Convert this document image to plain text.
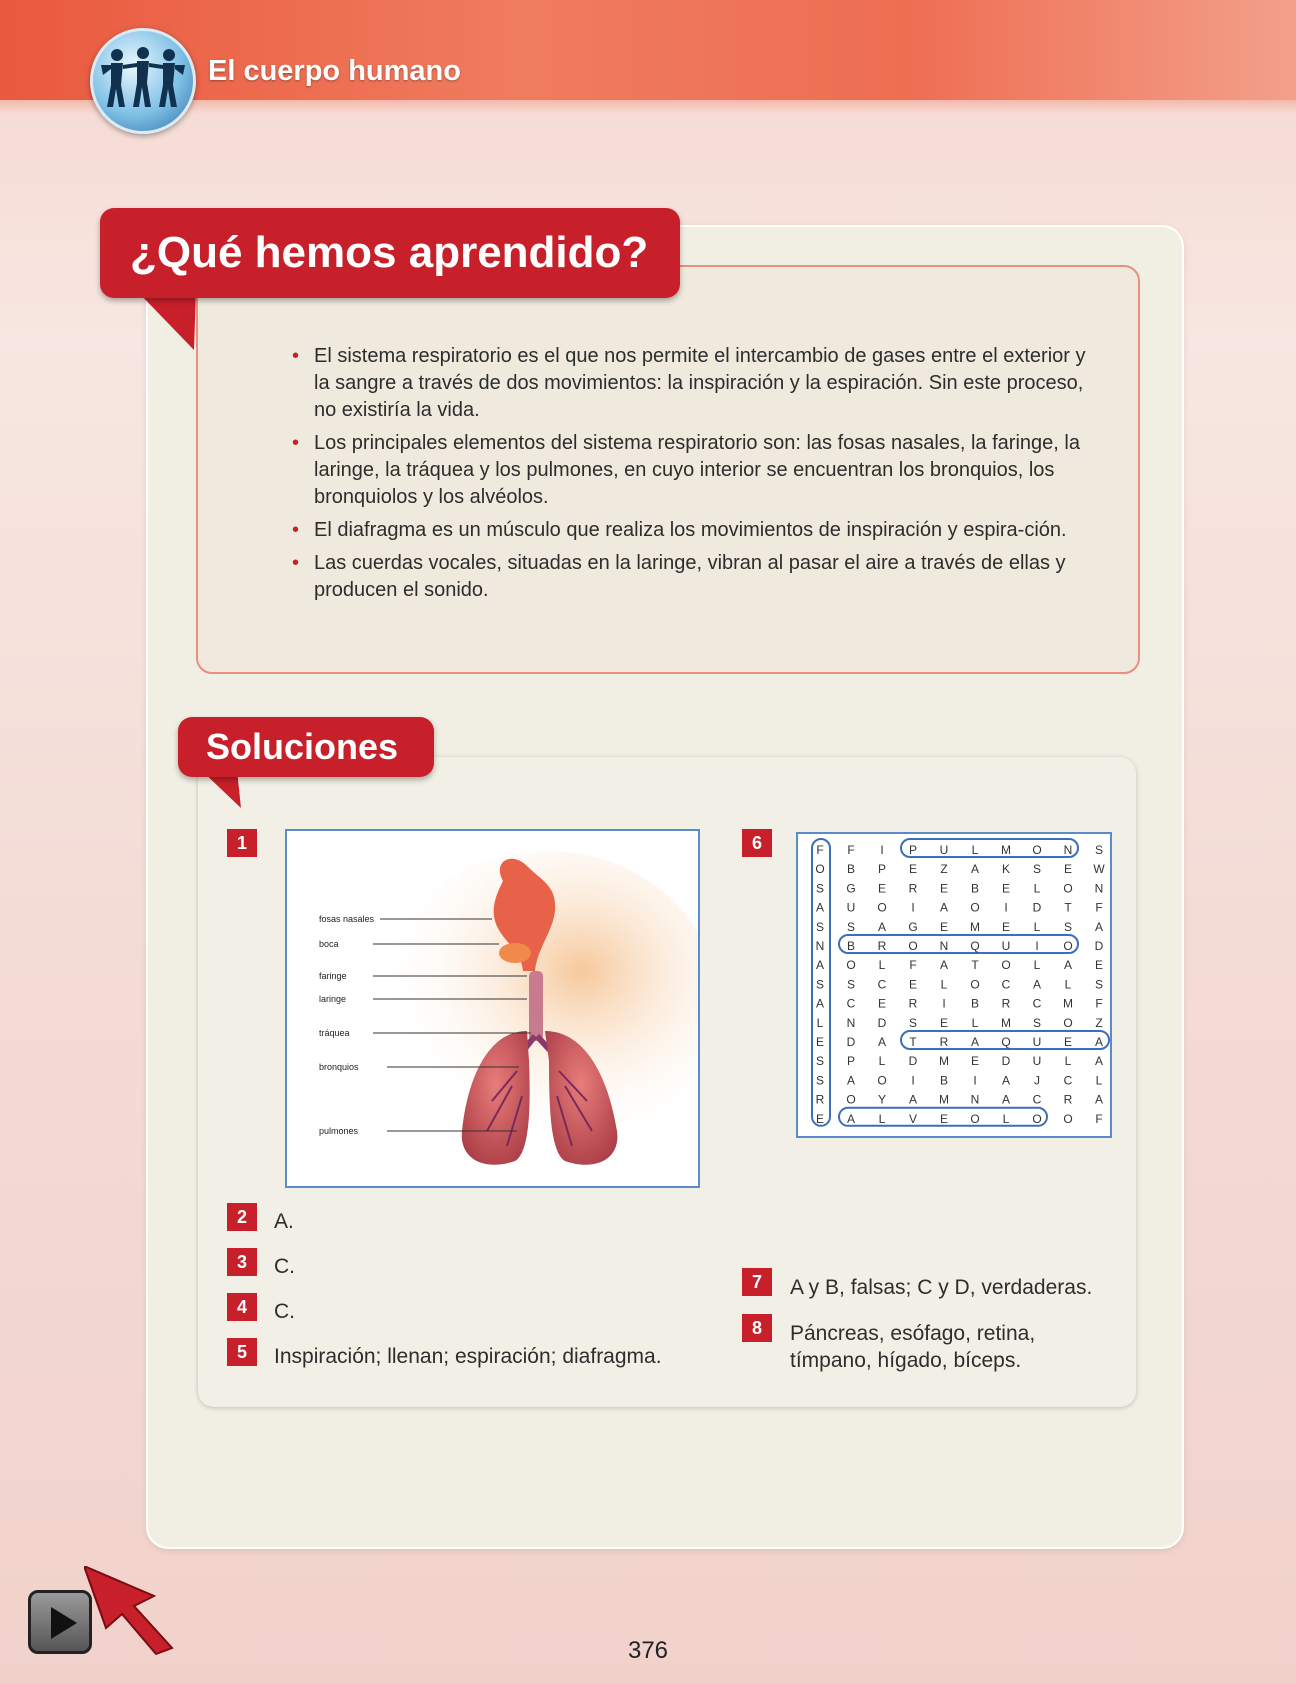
El cuerpo humano
¿Qué hemos aprendido?
• El sistema respiratorio es el que nos permite el intercambio de gases entre el exterior y la sangre a través de dos movimientos: la inspiración y la espiración. Sin este proceso, no existiría la vida.
• Los principales elementos del sistema respiratorio son: las fosas nasales, la faringe, la laringe, la tráquea y los pulmones, en cuyo interior se encuentran los bronquios, los bronquiolos y los alvéolos.
• El diafragma es un músculo que realiza los movimientos de inspiración y espira-ción.
• Las cuerdas vocales, situadas en la laringe, vibran al pasar el aire a través de ellas y producen el sonido.
Soluciones
1
fosas nasales
boca
faringe
laringe
tráquea
bronquios
pulmones
6	F F I P U L M O N S
O B P E Z A K S E W
S G E R E B E L O N
A U O I A O I D T F
S S A G E M E L S A
N B R O N Q U I O D
A O L F A T O L A E
S S C E L O C A L S
A C E R I B R C M F
L N D S E L M S O Z
E D A T R A Q U E A
S P L D M E D U L A
S A O I B I A J C L
R O Y A M N A C R A
E A L V E O L O O F
2	A.
3	C.
4	C.
5	Inspiración; llenan; espiración; diafragma.
7	A y B, falsas; C y D, verdaderas.
8	Páncreas, esófago, retina, tímpano, hígado, bíceps.
376
